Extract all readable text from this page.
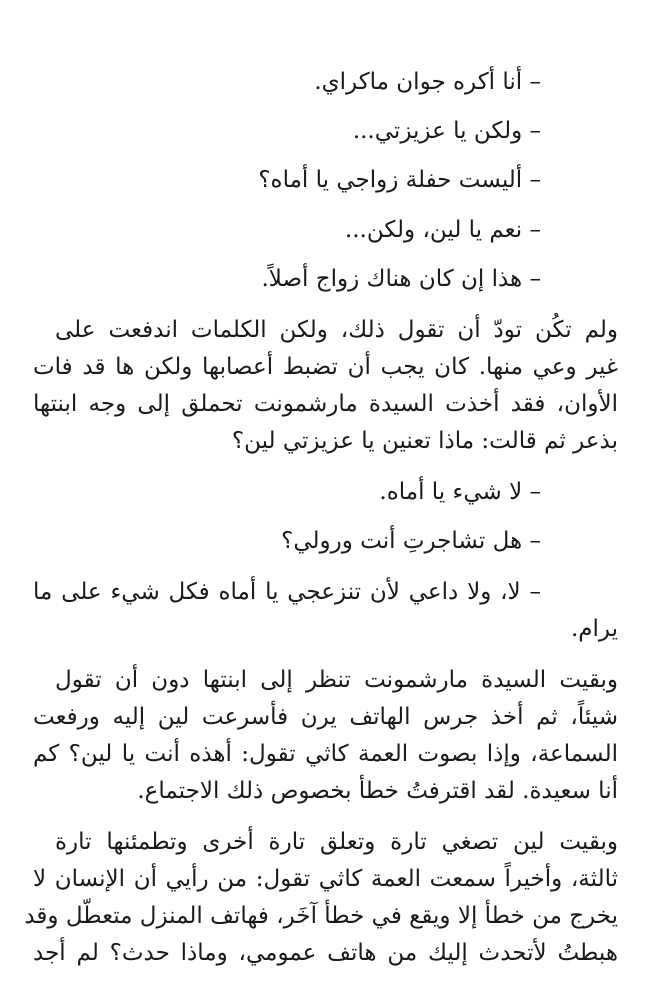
– أنا أكره جوان ماكراي.
– ولكن يا عزيزتي...
– أليست حفلة زواجي يا أماه؟
– نعم يا لين، ولكن...
– هذا إن كان هناك زواج أصلاً.
ولم تكُن تودّ أن تقول ذلك، ولكن الكلمات اندفعت على
غير وعي منها. كان يجب أن تضبط أعصابها ولكن ها قد فات
الأوان، فقد أخذت السيدة مارشمونت تحملق إلى وجه ابنتها
بذعر ثم قالت: ماذا تعنين يا عزيزتي لين؟
– لا شيء يا أماه.
– هل تشاجرتِ أنت ورولي؟
– لا، ولا داعي لأن تنزعجي يا أماه فكل شيء على ما
يرام.
وبقيت السيدة مارشمونت تنظر إلى ابنتها دون أن تقول
شيئاً، ثم أخذ جرس الهاتف يرن فأسرعت لين إليه ورفعت
السماعة، وإذا بصوت العمة كاثي تقول: أهذه أنت يا لين؟ كم
أنا سعيدة. لقد اقترفتُ خطأ بخصوص ذلك الاجتماع.
وبقيت لين تصغي تارة وتعلق تارة أخرى وتطمئنها تارة
ثالثة، وأخيراً سمعت العمة كاثي تقول: من رأيي أن الإنسان لا
يخرج من خطأ إلا ويقع في خطأ آخَر، فهاتف المنزل متعطّل وقد
هبطتُ لأتحدث إليك من هاتف عمومي، وماذا حدث؟ لم أجد
